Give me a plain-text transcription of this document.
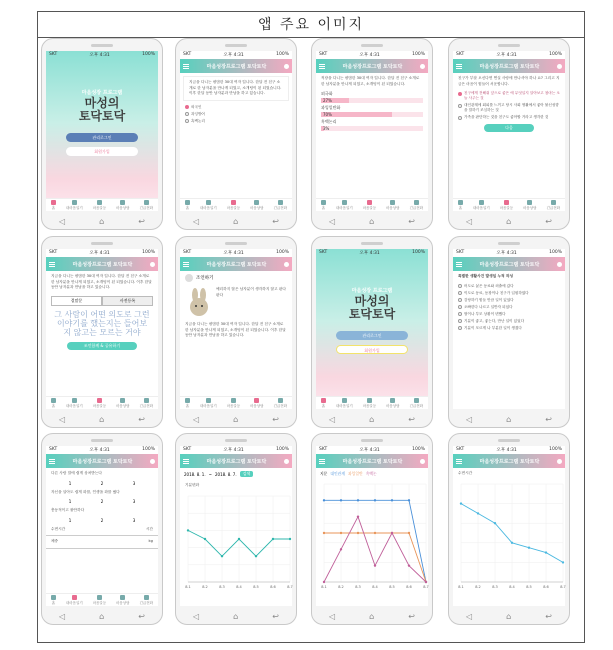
앱 주요 이미지
SKT	오후 4:31	100%
마음성장 프로그램
마성의
토닥토닥
관리로그인
회원가입
홈	내마음일기	마음갈등	마음상담	긴급전화
◁	⌂	↩
SKT	오후 4:31	100%
마음성장프로그램 토닥토닥
지금을 다니는 평범한 30대 여자 입니다. 한달 전 친구 소개로 한 남자분을 만나게 되었고, 소개팅이 된 되었습니다. 이후 한달 동안 남자분과 만남을 하고 있습니다.
외국인
과잉방어
흑백논리
홈	내마음일기	마음갈등	마음상담	긴급전화
◁	⌂	↩
SKT	오후 4:31	100%
마음성장프로그램 토닥토닥
직장을 다니는 평범한 30대 여자 입니다. 한달 전 친구 소개로 한 남자분을 만나게 되었고, 소개팅이 된 되었습니다.
외국화
27%
과잉일반화
70%
흑백논리
3%
홈	내마음일기	마음갈등	마음상담	긴급전화
◁	⌂	↩
SKT	오후 4:31	100%
마음성장프로그램 토닥토닥
친구가 부잘 오신다면 연실 사랑에 만나셔야 하나 요? 그리고 지금은 마음이 힘들어 서운합니다.
친구에게 전해줘 앞으로 좋은 에 무엇일지 알아보고 참마는 오늘 사주는 것
대인관계에 회피를 느끼고 당시 사회 생활에서 좋아 불신성향을 말하기 조심하는 것
가족을 판단하는 것을 친구도 좋아할 거라고 생각한 것
다음
홈	내마음일기	마음갈등	마음상담	긴급전화
◁	⌂	↩
SKT	오후 4:31	100%
마음성장프로그램 토닥토닥
지금을 다니는 평범한 30대 여자 입니다. 한달 전 친구 소개로 한 남자분을 만나게 되었고, 소개팅이 된 되었습니다. 이후 한달 동안 남자분과 만남을 하고 있습니다.
결말문	사전등록
그 사람이 어떤 의도로 그런 이야기를 했는지는 들어보지 않고는 모르는 거야
조언함께 & 공유하기
홈	내마음일기	마음갈등	마음상담	긴급전화
◁	⌂	↩
SKT	오후 4:31	100%
마음성장프로그램 토닥토닥
조언하기
예리하지 않은 남자분이 생각하지 않고 판다 판다
지금을 다니는 평범한 30대 여자 입니다. 한달 전 친구 소개로 한 남자분을 만나게 되었고, 소개팅이 된 되었습니다. 이후 한달 동안 남자분과 만남을 하고 있습니다.
홈	내마음일기	마음갈등	마음상담	긴급전화
◁	⌂	↩
SKT	오후 4:31	100%
마음성장 프로그램
마성의
토닥토닥
관리로그인
회원가입
홈	내마음일기	마음갈등	마음상담	긴급전화
◁	⌂	↩
SKT	오후 4:31	100%
마음성장프로그램 토닥토닥
특별한 생활사건 발생일 누적 작성
어도로 싫은 동료와 외출에 갔다
이도로 동료, 동창이나 친구가 입원하였다
감당하기 힘들 만큼 일이 있었다
오빠한다 나르고 일반자 되었다
딸이나 부모 상황이 변했다
기분이 좋고, 좋는다, 만난 일이 있었다
기분이 모르게 나 부분한 일이 생겼다
◁	⌂	↩
SKT	오후 4:31	100%
마음성장프로그램 토닥토닥
다른 사람 말에 쉽게 상처받는다
1	2	3
자신을 알아도 쉽게 화를, 인생을 화를 냈다
1	2	3
충동적이고 불안하다
1	2	3
수면시간	시간
체중	kg
홈	내마음일기	마음갈등	마음상담	긴급전화
◁	⌂	↩
SKT	오후 4:31	100%
마음성장프로그램 토닥토닥
2018. 8. 1. ~ 2018. 8. 7.	검색
기분변화
8.1	8.2	8.3	8.4	8.5	8.6	8.7
◁	⌂	↩
SKT	오후 4:31	100%
마음성장프로그램 토닥토닥
지문 대인관계 과잉일반 흑백논
8.1	8.2	8.3	8.4	8.5	8.6	8.7
◁	⌂	↩
SKT	오후 4:31	100%
마음성장프로그램 토닥토닥
수면시간
8.1	8.2	8.3	8.4	8.5	8.6	8.7
◁	⌂	↩
